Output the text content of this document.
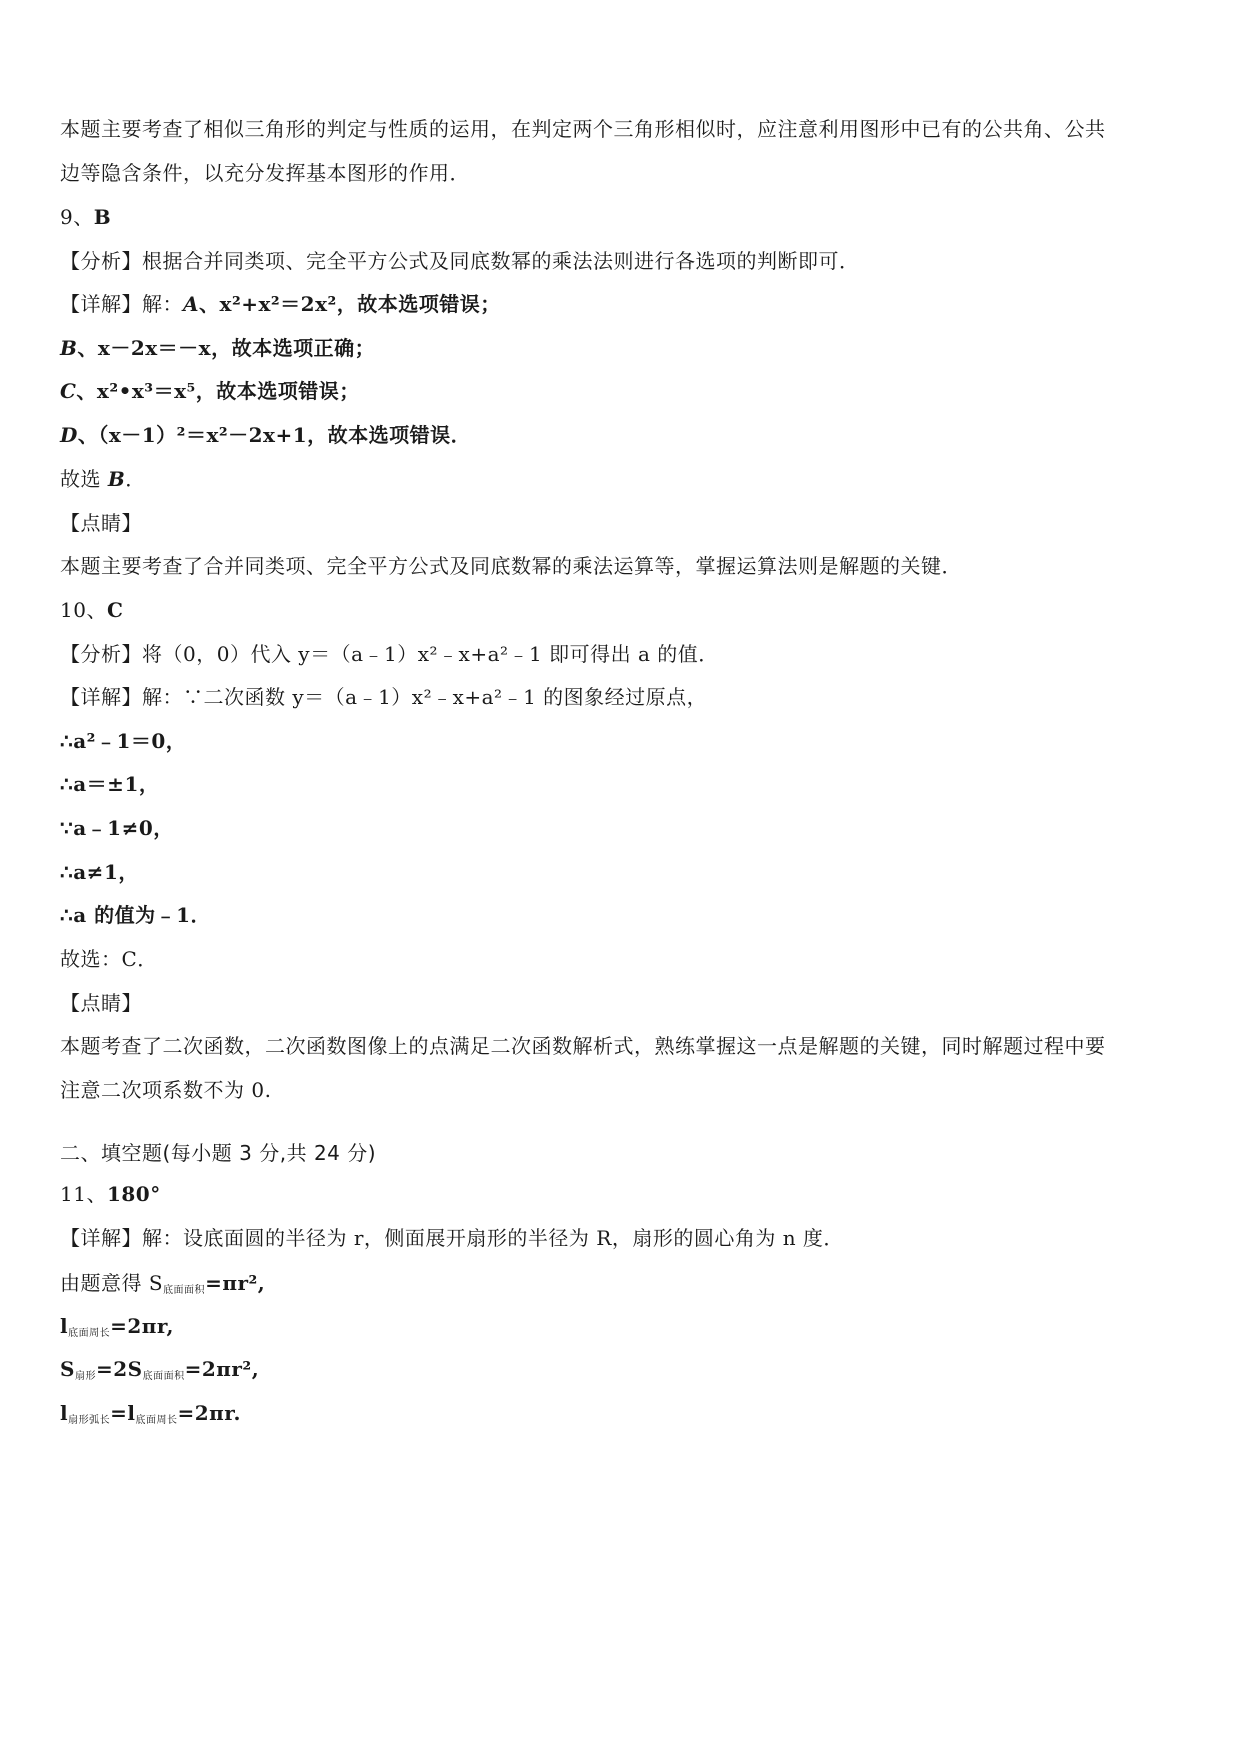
本题主要考查了相似三角形的判定与性质的运用，在判定两个三角形相似时，应注意利用图形中已有的公共角、公共
边等隐含条件，以充分发挥基本图形的作用．
9、B
【分析】根据合并同类项、完全平方公式及同底数幂的乘法法则进行各选项的判断即可．
【详解】解：A、x²+x²＝2x²，故本选项错误；
B、x－2x＝－x，故本选项正确；
C、x²•x³＝x⁵，故本选项错误；
D、（x－1）²＝x²－2x+1，故本选项错误．
故选 B．
【点睛】
本题主要考查了合并同类项、完全平方公式及同底数幂的乘法运算等，掌握运算法则是解题的关键．
10、C
【分析】将（0，0）代入 y＝（a﹣1）x²﹣x+a²﹣1 即可得出 a 的值．
【详解】解：∵二次函数 y＝（a﹣1）x²﹣x+a²﹣1 的图象经过原点，
∴a²﹣1＝0，
∴a＝±1，
∵a﹣1≠0，
∴a≠1，
∴a 的值为﹣1．
故选：C．
【点睛】
本题考查了二次函数，二次函数图像上的点满足二次函数解析式，熟练掌握这一点是解题的关键，同时解题过程中要
注意二次项系数不为 0.
二、填空题(每小题 3 分,共 24 分)
11、180°
【详解】解：设底面圆的半径为 r，侧面展开扇形的半径为 R，扇形的圆心角为 n 度．
由题意得 $S_{底面面积}=\pi r^2$,
$l_{底面周长}=2\pi r$,
$S_{扇形}=2S_{底面面积}=2\pi r^2$,
$l_{扇形弧长}=l_{底面周长}=2\pi r$.
